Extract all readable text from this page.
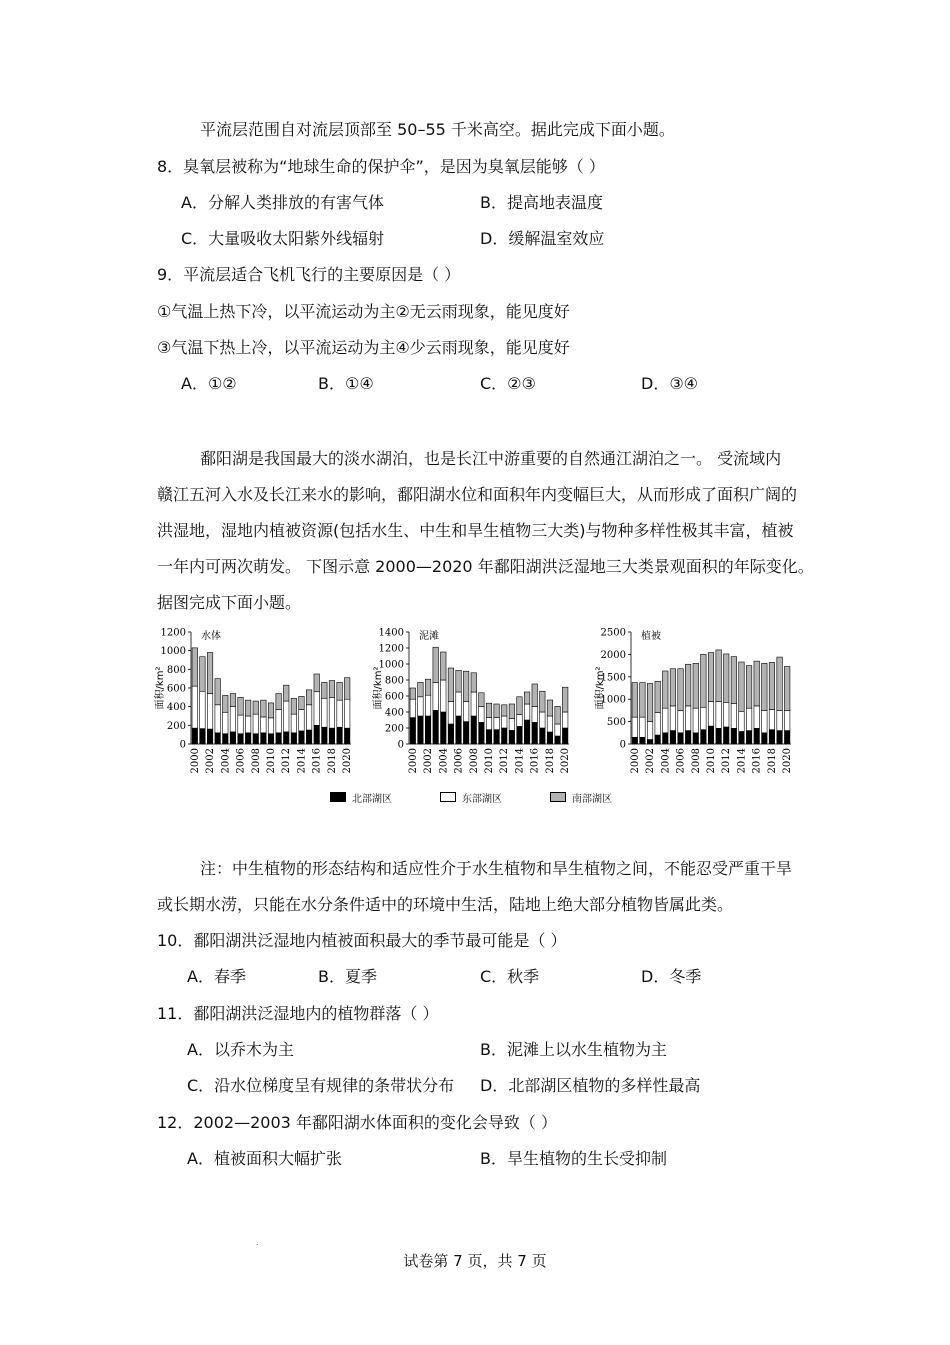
平流层范围自对流层顶部至 50–55 千米高空。据此完成下面小题。
8．臭氧层被称为“地球生命的保护伞”，是因为臭氧层能够（ ）
A．分解人类排放的有害气体	B．提高地表温度
C．大量吸收太阳紫外线辐射	D．缓解温室效应
9．平流层适合飞机飞行的主要原因是（ ）
①气温上热下冷，以平流运动为主②无云雨现象，能见度好
③气温下热上冷，以平流运动为主④少云雨现象，能见度好
A．①②	B．①④	C．②③	D．③④
鄱阳湖是我国最大的淡水湖泊，也是长江中游重要的自然通江湖泊之一。 受流域内
赣江五河入水及长江来水的影响，鄱阳湖水位和面积年内变幅巨大，从而形成了面积广阔的
洪湿地，湿地内植被资源(包括水生、中生和旱生植物三大类)与物种多样性极其丰富，植被
一年内可两次萌发。 下图示意 2000—2020 年鄱阳湖洪泛湿地三大类景观面积的年际变化。
据图完成下面小题。
0
200
400
600
800
1000
1200
面积/km²
水体
2000 2002 2004 2006 2008 2010 2012 2014 2016 2018 2020
0
200
400
600
800
1000
1200
1400
面积/km²
泥滩
2000 2002 2004 2006 2008 2010 2012 2014 2016 2018 2020
0
500
1000
1500
2000
2500
面积/km²
植被
2000 2002 2004 2006 2008 2010 2012 2014 2016 2018 2020
北部湖区	东部湖区	南部湖区
注：中生植物的形态结构和适应性介于水生植物和旱生植物之间，不能忍受严重干旱
或长期水涝，只能在水分条件适中的环境中生活，陆地上绝大部分植物皆属此类。
10．鄱阳湖洪泛湿地内植被面积最大的季节最可能是（ ）
A．春季	B．夏季	C．秋季	D．冬季
11．鄱阳湖洪泛湿地内的植物群落（ ）
A．以乔木为主	B．泥滩上以水生植物为主
C．沿水位梯度呈有规律的条带状分布 D．北部湖区植物的多样性最高
12．2002—2003 年鄱阳湖水体面积的变化会导致（ ）
A．植被面积大幅扩张	B．旱生植物的生长受抑制
.
试卷第 7 页，共 7 页
